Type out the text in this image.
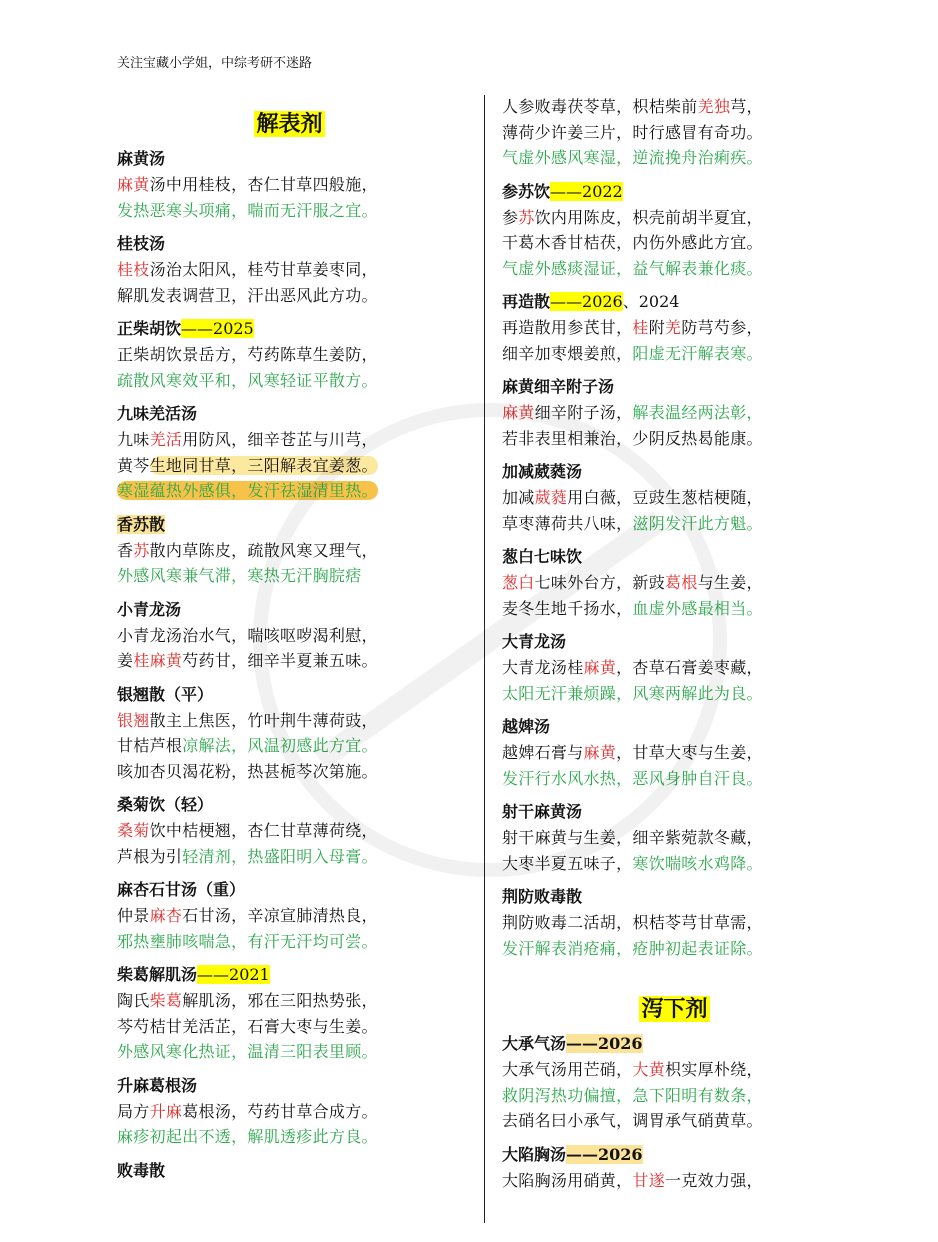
关注宝藏小学姐，中综考研不迷路
解表剂
麻黄汤
麻黄汤中用桂枝，杏仁甘草四般施，
发热恶寒头项痛，喘而无汗服之宜。
桂枝汤
桂枝汤治太阳风，桂芍甘草姜枣同，
解肌发表调营卫，汗出恶风此方功。
正柴胡饮——2025
正柴胡饮景岳方，芍药陈草生姜防，
疏散风寒效平和，风寒轻证平散方。
九味羌活汤
九味羌活用防风，细辛苍芷与川芎，
黄芩生地同甘草，三阳解表宜姜葱。
寒湿蕴热外感俱，发汗祛湿清里热。
香苏散
香苏散内草陈皮，疏散风寒又理气，
外感风寒兼气滞，寒热无汗胸脘痞
小青龙汤
小青龙汤治水气，喘咳呕哕渴利慰，
姜桂麻黄芍药甘，细辛半夏兼五味。
银翘散（平）
银翘散主上焦医，竹叶荆牛薄荷豉，
甘桔芦根凉解法，风温初感此方宜。
咳加杏贝渴花粉，热甚栀芩次第施。
桑菊饮（轻）
桑菊饮中桔梗翘，杏仁甘草薄荷绕，
芦根为引轻清剂，热盛阳明入母膏。
麻杏石甘汤（重）
仲景麻杏石甘汤，辛凉宣肺清热良，
邪热壅肺咳喘急，有汗无汗均可尝。
柴葛解肌汤——2021
陶氏柴葛解肌汤，邪在三阳热势张，
芩芍桔甘羌活芷，石膏大枣与生姜。
外感风寒化热证，温清三阳表里顾。
升麻葛根汤
局方升麻葛根汤，芍药甘草合成方。
麻疹初起出不透，解肌透疹此方良。
败毒散
人参败毒茯苓草，枳桔柴前羌独芎，
薄荷少许姜三片，时行感冒有奇功。
气虚外感风寒湿，逆流挽舟治痢疾。
参苏饮——2022
参苏饮内用陈皮，枳壳前胡半夏宜，
干葛木香甘桔茯，内伤外感此方宜。
气虚外感痰湿证，益气解表兼化痰。
再造散——2026、2024
再造散用参芪甘，桂附羌防芎芍参，
细辛加枣煨姜煎，阳虚无汗解表寒。
麻黄细辛附子汤
麻黄细辛附子汤，解表温经两法彰，
若非表里相兼治，少阴反热曷能康。
加减葳蕤汤
加减葳蕤用白薇，豆豉生葱桔梗随，
草枣薄荷共八味，滋阴发汗此方魁。
葱白七味饮
葱白七味外台方，新豉葛根与生姜，
麦冬生地千扬水，血虚外感最相当。
大青龙汤
大青龙汤桂麻黄，杏草石膏姜枣藏，
太阳无汗兼烦躁，风寒两解此为良。
越婢汤
越婢石膏与麻黄，甘草大枣与生姜，
发汗行水风水热，恶风身肿自汗良。
射干麻黄汤
射干麻黄与生姜，细辛紫菀款冬藏，
大枣半夏五味子，寒饮喘咳水鸡降。
荆防败毒散
荆防败毒二活胡，枳桔苓芎甘草需，
发汗解表消疮痛，疮肿初起表证除。
泻下剂
大承气汤——2026
大承气汤用芒硝，大黄枳实厚朴绕，
救阴泻热功偏擅，急下阳明有数条，
去硝名曰小承气，调胃承气硝黄草。
大陷胸汤——2026
大陷胸汤用硝黄，甘遂一克效力强，
